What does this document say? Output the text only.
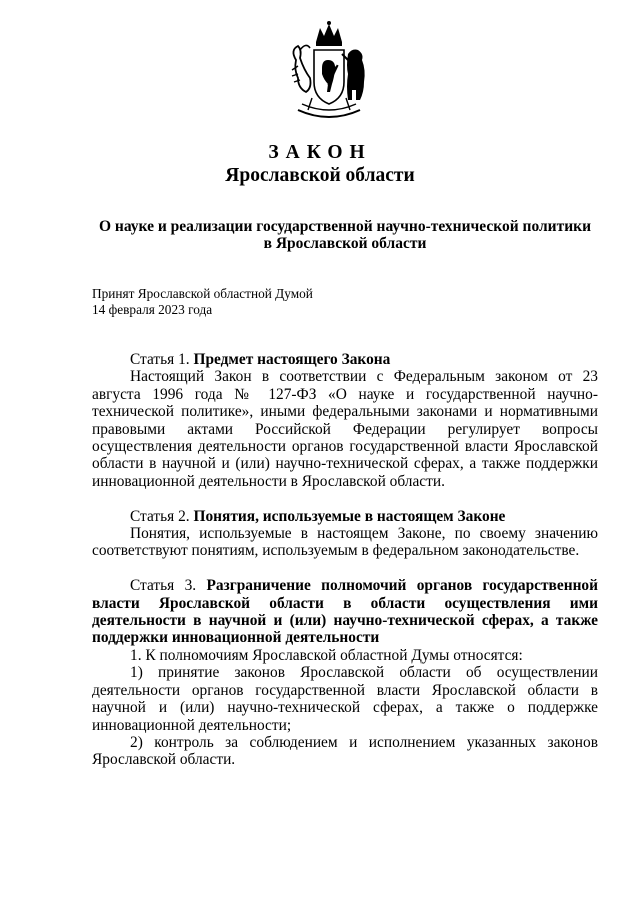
ЗАКОН
Ярославской области
О науке и реализации государственной научно-технической политики
в Ярославской области
Принят Ярославской областной Думой
14 февраля 2023 года

Статья 1. Предмет настоящего Закона

Настоящий Закон в соответствии с Федеральным законом от 23 августа 1996 года № 127-ФЗ «О науке и государственной научно-технической политике», иными федеральными законами и нормативными правовыми актами Российской Федерации регулирует вопросы осуществления деятельности органов государственной власти Ярославской области в научной и (или) научно-технической сферах, а также поддержки инновационной деятельности в Ярославской области.

Статья 2. Понятия, используемые в настоящем Законе

Понятия, используемые в настоящем Законе, по своему значению соответствуют понятиям, используемым в федеральном законодательстве.

Статья 3. Разграничение полномочий органов государственной власти Ярославской области в области осуществления ими деятельности в научной и (или) научно-технической сферах, а также поддержки инновационной деятельности

1. К полномочиям Ярославской областной Думы относятся:

1) принятие законов Ярославской области об осуществлении деятельности органов государственной власти Ярославской области в научной и (или) научно-технической сферах, а также о поддержке инновационной деятельности;

2) контроль за соблюдением и исполнением указанных законов Ярославской области.
